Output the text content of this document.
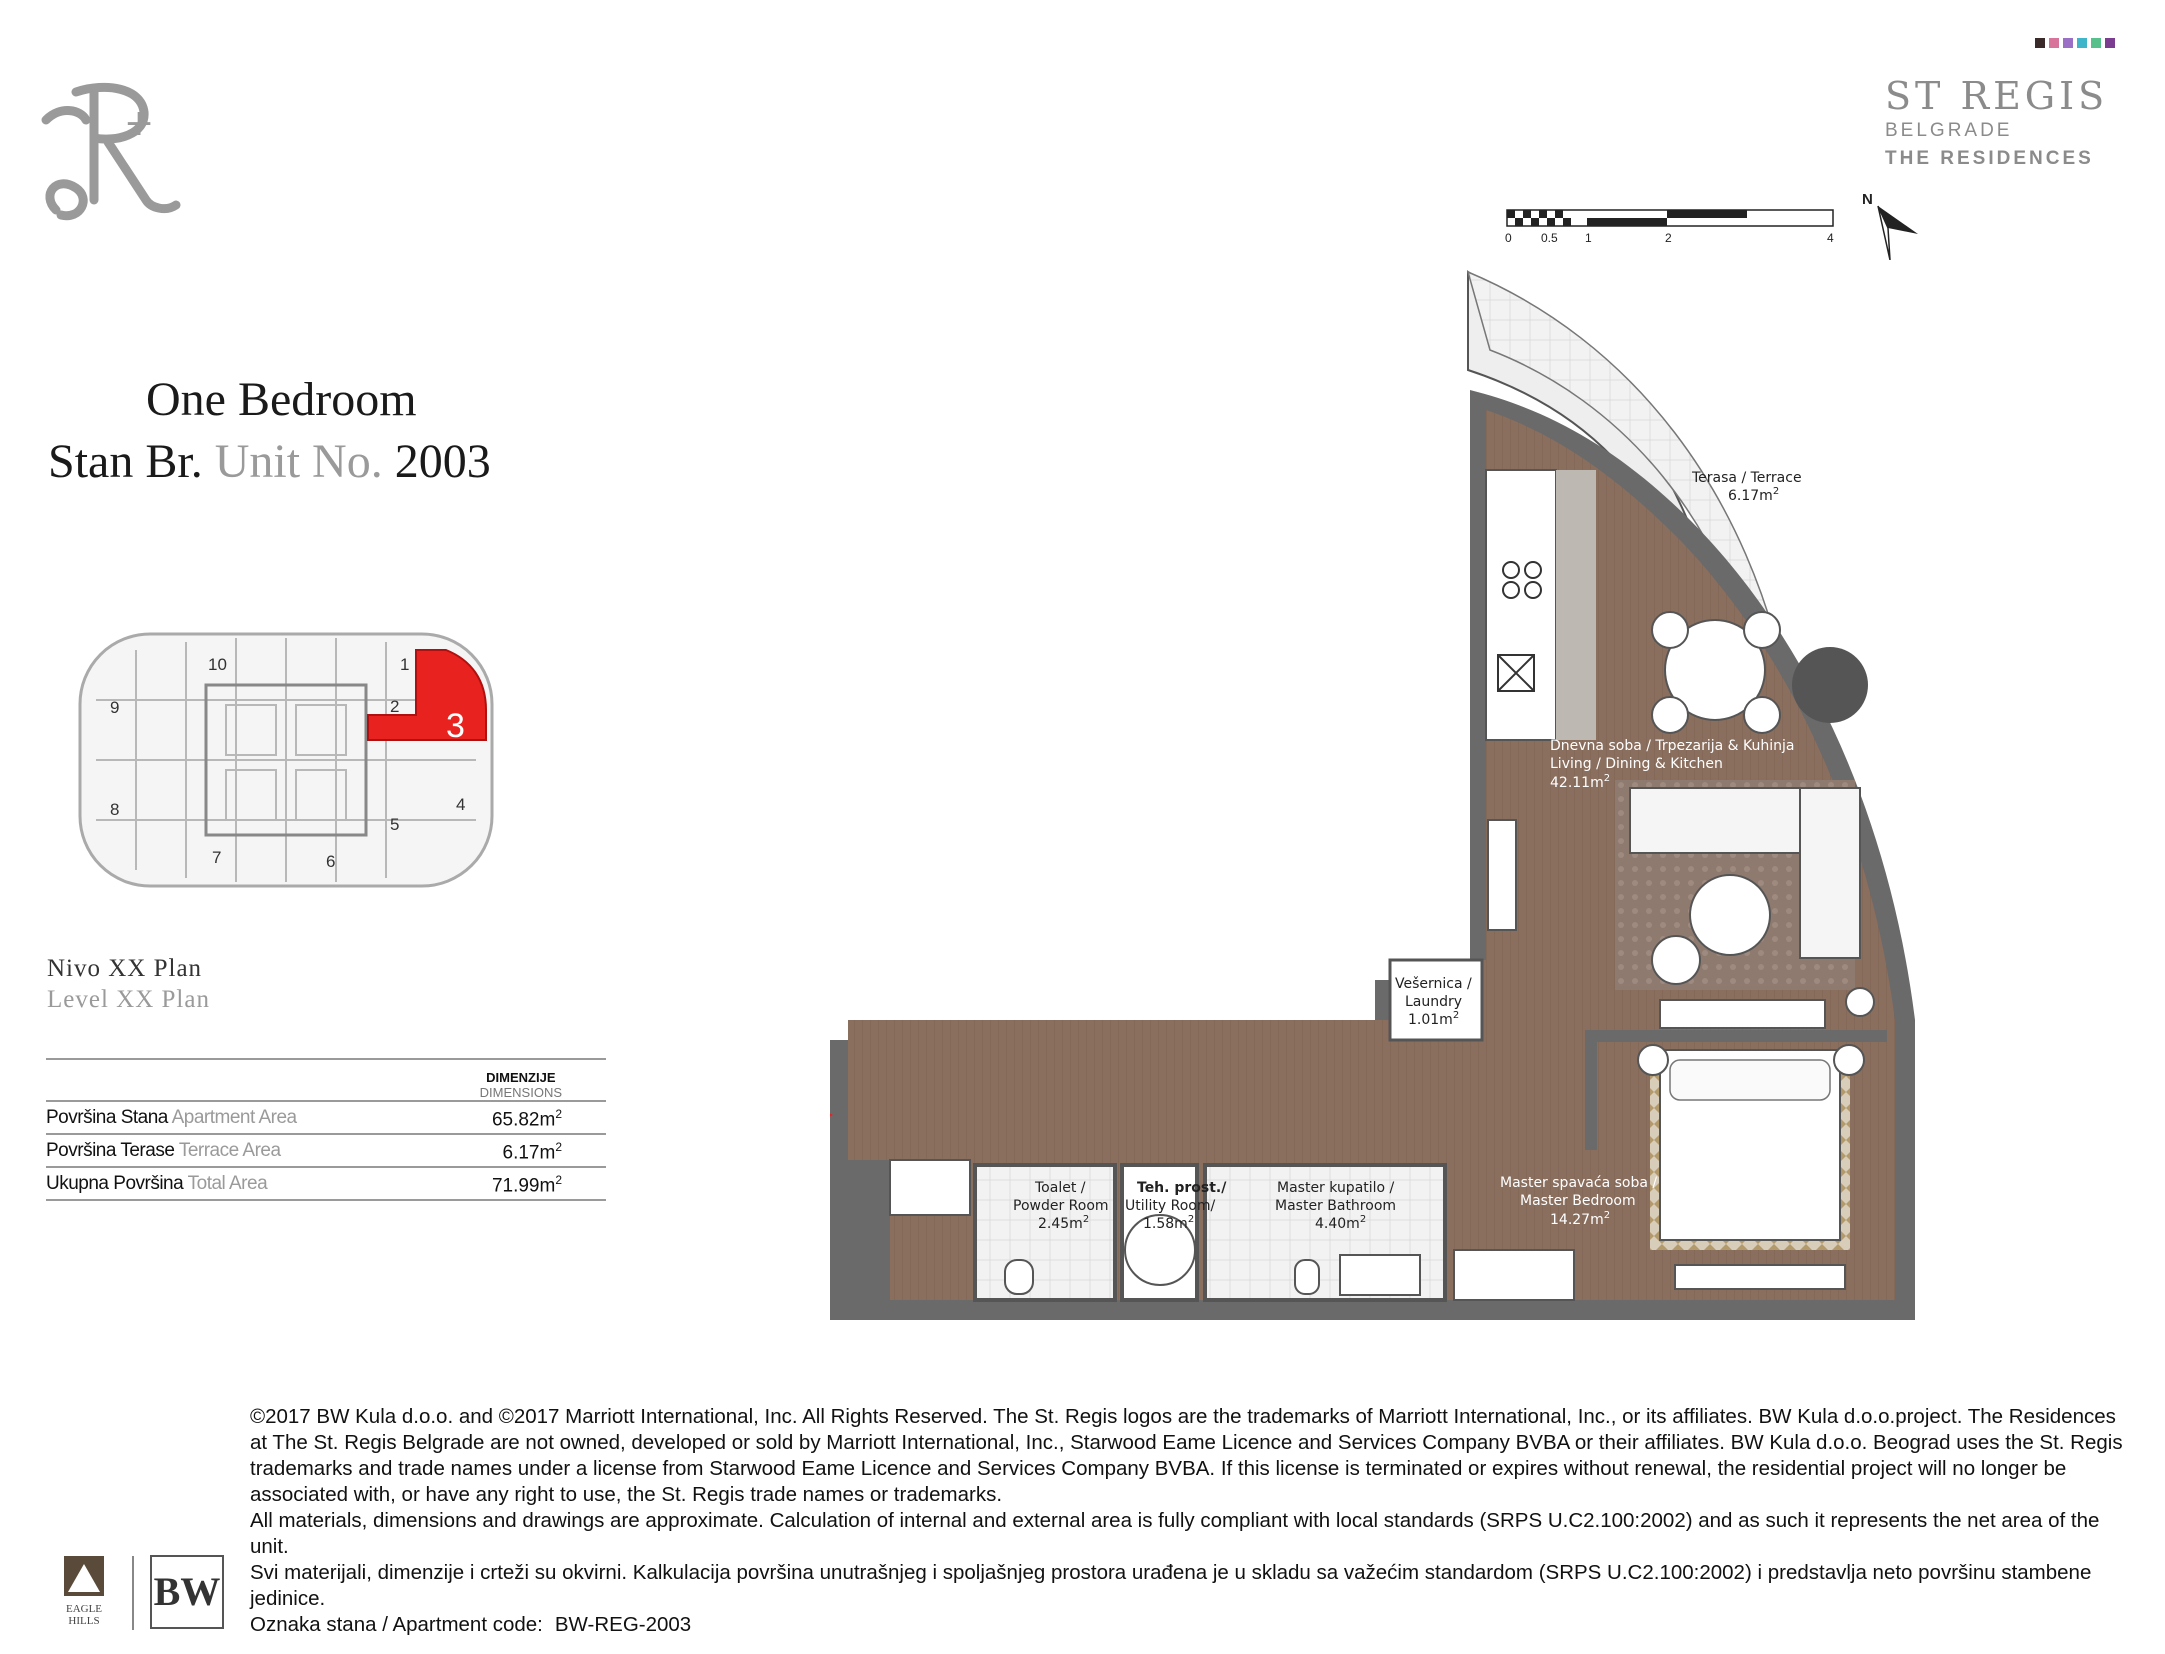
+
ST REGIS
BELGRADE
THE RESIDENCES
One Bedroom
Stan Br. Unit No. 2003
1
2
3
4
5
6
7
8
9
10
Nivo XX Plan
Level XX Plan
DIMENZIJE
DIMENSIONS
Površina Stana Apartment Area	$65.82m^2$
Površina Terase Terrace Area	$6.17m^2$
Ukupna Površina Total Area	$71.99m^2$
0 0.5 1	2	4
N
Dnevna soba / Trpezarija & Kuhinja
Living / Dining & Kitchen
$42.11m^2$
Master spavaća soba /
Master Bedroom
$14.27m^2$
Terasa / Terrace
$6.17m^2$
Vešernica /
Laundry
$1.01m^2$
Toalet /
Powder Room
$2.45m^2$
Teh. prost./
Utility Room/
$1.58m^2$
Master kupatilo /
Master Bathroom
$4.40m^2$

©2017 BW Kula d.o.o. and ©2017 Marriott International, Inc. All Rights Reserved. The St. Regis logos are the trademarks of Marriott International, Inc., or its affiliates. BW Kula d.o.o.project. The Residences at The St. Regis Belgrade are not owned, developed or sold by Marriott International, Inc., Starwood Eame Licence and Services Company BVBA or their affiliates. BW Kula d.o.o. Beograd uses the St. Regis trademarks and trade names under a license from Starwood Eame Licence and Services Company BVBA. If this license is terminated or expires without renewal, the residential project will no longer be associated with, or have any right to use, the St. Regis trade names or trademarks.

All materials, dimensions and drawings are approximate. Calculation of internal and external area is fully compliant with local standards (SRPS U.C2.100:2002) and as such it represents the net area of the unit.

Svi materijali, dimenzije i crteži su okvirni. Kalkulacija površina unutrašnjeg i spoljašnjeg prostora urađena je u skladu sa važećim standardom (SRPS U.C2.100:2002) i predstavlja neto površinu stambene jedinice.

Oznaka stana / Apartment code: BW-REG-2003
EAGLE
HILLS
BW
